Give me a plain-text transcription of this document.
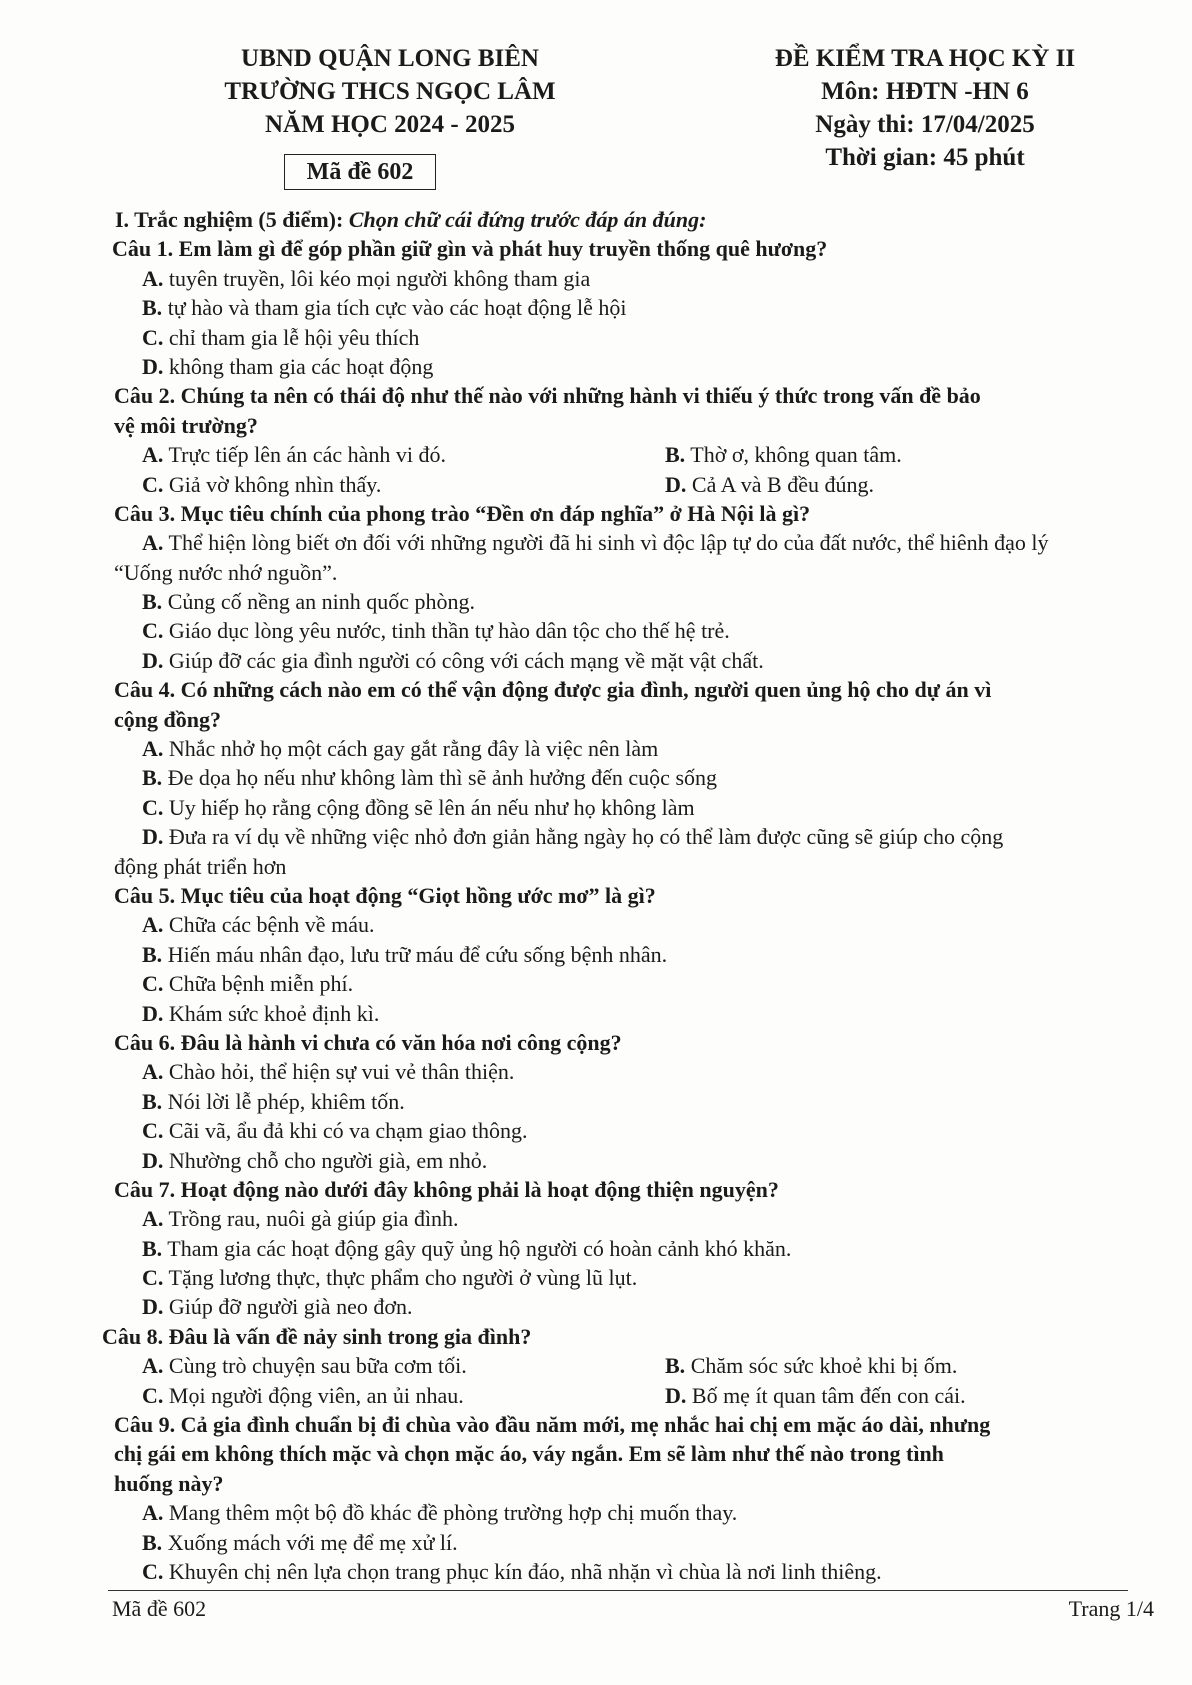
UBND QUẬN LONG BIÊN
TRƯỜNG THCS NGỌC LÂM
NĂM HỌC 2024 - 2025
ĐỀ KIỂM TRA HỌC KỲ II
Môn: HĐTN -HN 6
Ngày thi: 17/04/2025
Thời gian: 45 phút
Mã đề 602
I. Trắc nghiệm (5 điểm): Chọn chữ cái đứng trước đáp án đúng:
Câu 1. Em làm gì để góp phần giữ gìn và phát huy truyền thống quê hương?
A. tuyên truyền, lôi kéo mọi người không tham gia
B. tự hào và tham gia tích cực vào các hoạt động lễ hội
C. chỉ tham gia lễ hội yêu thích
D. không tham gia các hoạt động
Câu 2. Chúng ta nên có thái độ như thế nào với những hành vi thiếu ý thức trong vấn đề bảo
vệ môi trường?
A. Trực tiếp lên án các hành vi đó.	B. Thờ ơ, không quan tâm.
C. Giả vờ không nhìn thấy.	D. Cả A và B đều đúng.
Câu 3. Mục tiêu chính của phong trào “Đền ơn đáp nghĩa” ở Hà Nội là gì?
A. Thể hiện lòng biết ơn đối với những người đã hi sinh vì độc lập tự do của đất nước, thể hiênh đạo lý
“Uống nước nhớ nguồn”.
B. Củng cố nềng an ninh quốc phòng.
C. Giáo dục lòng yêu nước, tinh thần tự hào dân tộc cho thế hệ trẻ.
D. Giúp đỡ các gia đình người có công với cách mạng về mặt vật chất.
Câu 4. Có những cách nào em có thể vận động được gia đình, người quen ủng hộ cho dự án vì
cộng đồng?
A. Nhắc nhở họ một cách gay gắt rằng đây là việc nên làm
B. Đe dọa họ nếu như không làm thì sẽ ảnh hưởng đến cuộc sống
C. Uy hiếp họ rằng cộng đồng sẽ lên án nếu như họ không làm
D. Đưa ra ví dụ về những việc nhỏ đơn giản hằng ngày họ có thể làm được cũng sẽ giúp cho cộng
động phát triển hơn
Câu 5. Mục tiêu của hoạt động “Giọt hồng ước mơ” là gì?
A. Chữa các bệnh về máu.
B. Hiến máu nhân đạo, lưu trữ máu để cứu sống bệnh nhân.
C. Chữa bệnh miễn phí.
D. Khám sức khoẻ định kì.
Câu 6. Đâu là hành vi chưa có văn hóa nơi công cộng?
A. Chào hỏi, thể hiện sự vui vẻ thân thiện.
B. Nói lời lễ phép, khiêm tốn.
C. Cãi vã, ẩu đả khi có va chạm giao thông.
D. Nhường chỗ cho người già, em nhỏ.
Câu 7. Hoạt động nào dưới đây không phải là hoạt động thiện nguyện?
A. Trồng rau, nuôi gà giúp gia đình.
B. Tham gia các hoạt động gây quỹ ủng hộ người có hoàn cảnh khó khăn.
C. Tặng lương thực, thực phẩm cho người ở vùng lũ lụt.
D. Giúp đỡ người già neo đơn.
Câu 8. Đâu là vấn đề nảy sinh trong gia đình?
A. Cùng trò chuyện sau bữa cơm tối.	B. Chăm sóc sức khoẻ khi bị ốm.
C. Mọi người động viên, an ủi nhau.	D. Bố mẹ ít quan tâm đến con cái.
Câu 9. Cả gia đình chuẩn bị đi chùa vào đầu năm mới, mẹ nhắc hai chị em mặc áo dài, nhưng
chị gái em không thích mặc và chọn mặc áo, váy ngắn. Em sẽ làm như thế nào trong tình
huống này?
A. Mang thêm một bộ đồ khác đề phòng trường hợp chị muốn thay.
B. Xuống mách với mẹ để mẹ xử lí.
C. Khuyên chị nên lựa chọn trang phục kín đáo, nhã nhặn vì chùa là nơi linh thiêng.
Mã đề 602	Trang 1/4
